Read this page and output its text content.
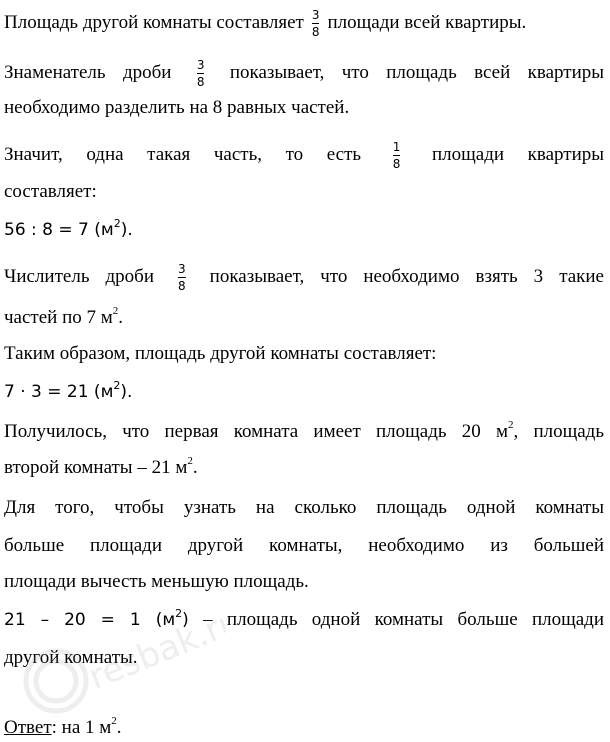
Площадь другой комнаты составляет $\frac{3}{8}$ площади всей квартиры.
Знаменатель дроби $\frac{3}{8}$ показывает, что площадь всей квартиры
необходимо разделить на 8 равных частей.
Значит, одна такая часть, то есть	$\frac{1}{8}$ площади квартиры
составляет:
56 : 8 = 7 $(м^2)$.
Числитель дроби $\frac{3}{8}$ показывает, что необходимо взять 3 такие
частей по 7 $м^2$.
Таким образом, площадь другой комнаты составляет:
7 · 3 = 21 $(м^2)$.
Получилось, что первая комната имеет площадь 20 $м^2$, площадь
второй комнаты – 21 $м^2$.
Для того, чтобы узнать на сколько площадь одной комнаты
больше площади другой комнаты, необходимо из большей
площади вычесть меньшую площадь.
21 – 20 = 1 $(м^2)$ – площадь одной комнаты больше площади
другой комнаты.
Ответ: на 1 $м^2$.
resbak.ru
